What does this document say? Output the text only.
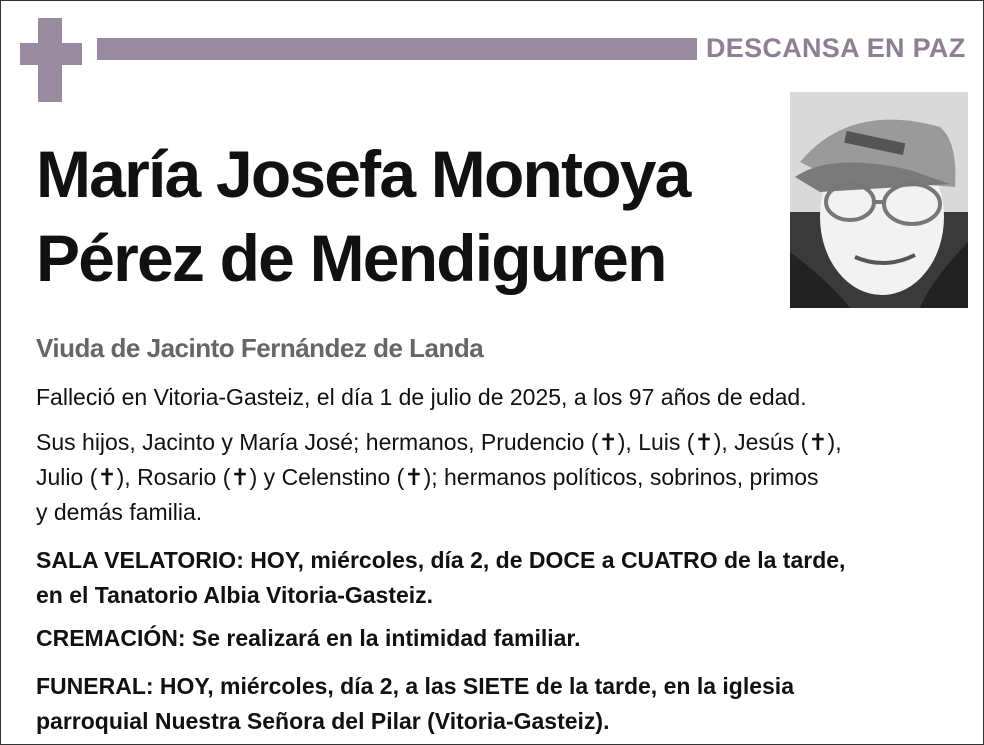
DESCANSA EN PAZ
María Josefa Montoya
Pérez de Mendiguren
Viuda de Jacinto Fernández de Landa
Falleció en Vitoria-Gasteiz, el día 1 de julio de 2025, a los 97 años de edad.
Sus hijos, Jacinto y María José; hermanos, Prudencio (✝), Luis (✝), Jesús (✝),
Julio (✝), Rosario (✝) y Celenstino (✝); hermanos políticos, sobrinos, primos
y demás familia.
SALA VELATORIO: HOY, miércoles, día 2, de DOCE a CUATRO de la tarde,
en el Tanatorio Albia Vitoria-Gasteiz.
CREMACIÓN: Se realizará en la intimidad familiar.
FUNERAL: HOY, miércoles, día 2, a las SIETE de la tarde, en la iglesia
parroquial Nuestra Señora del Pilar (Vitoria-Gasteiz).
